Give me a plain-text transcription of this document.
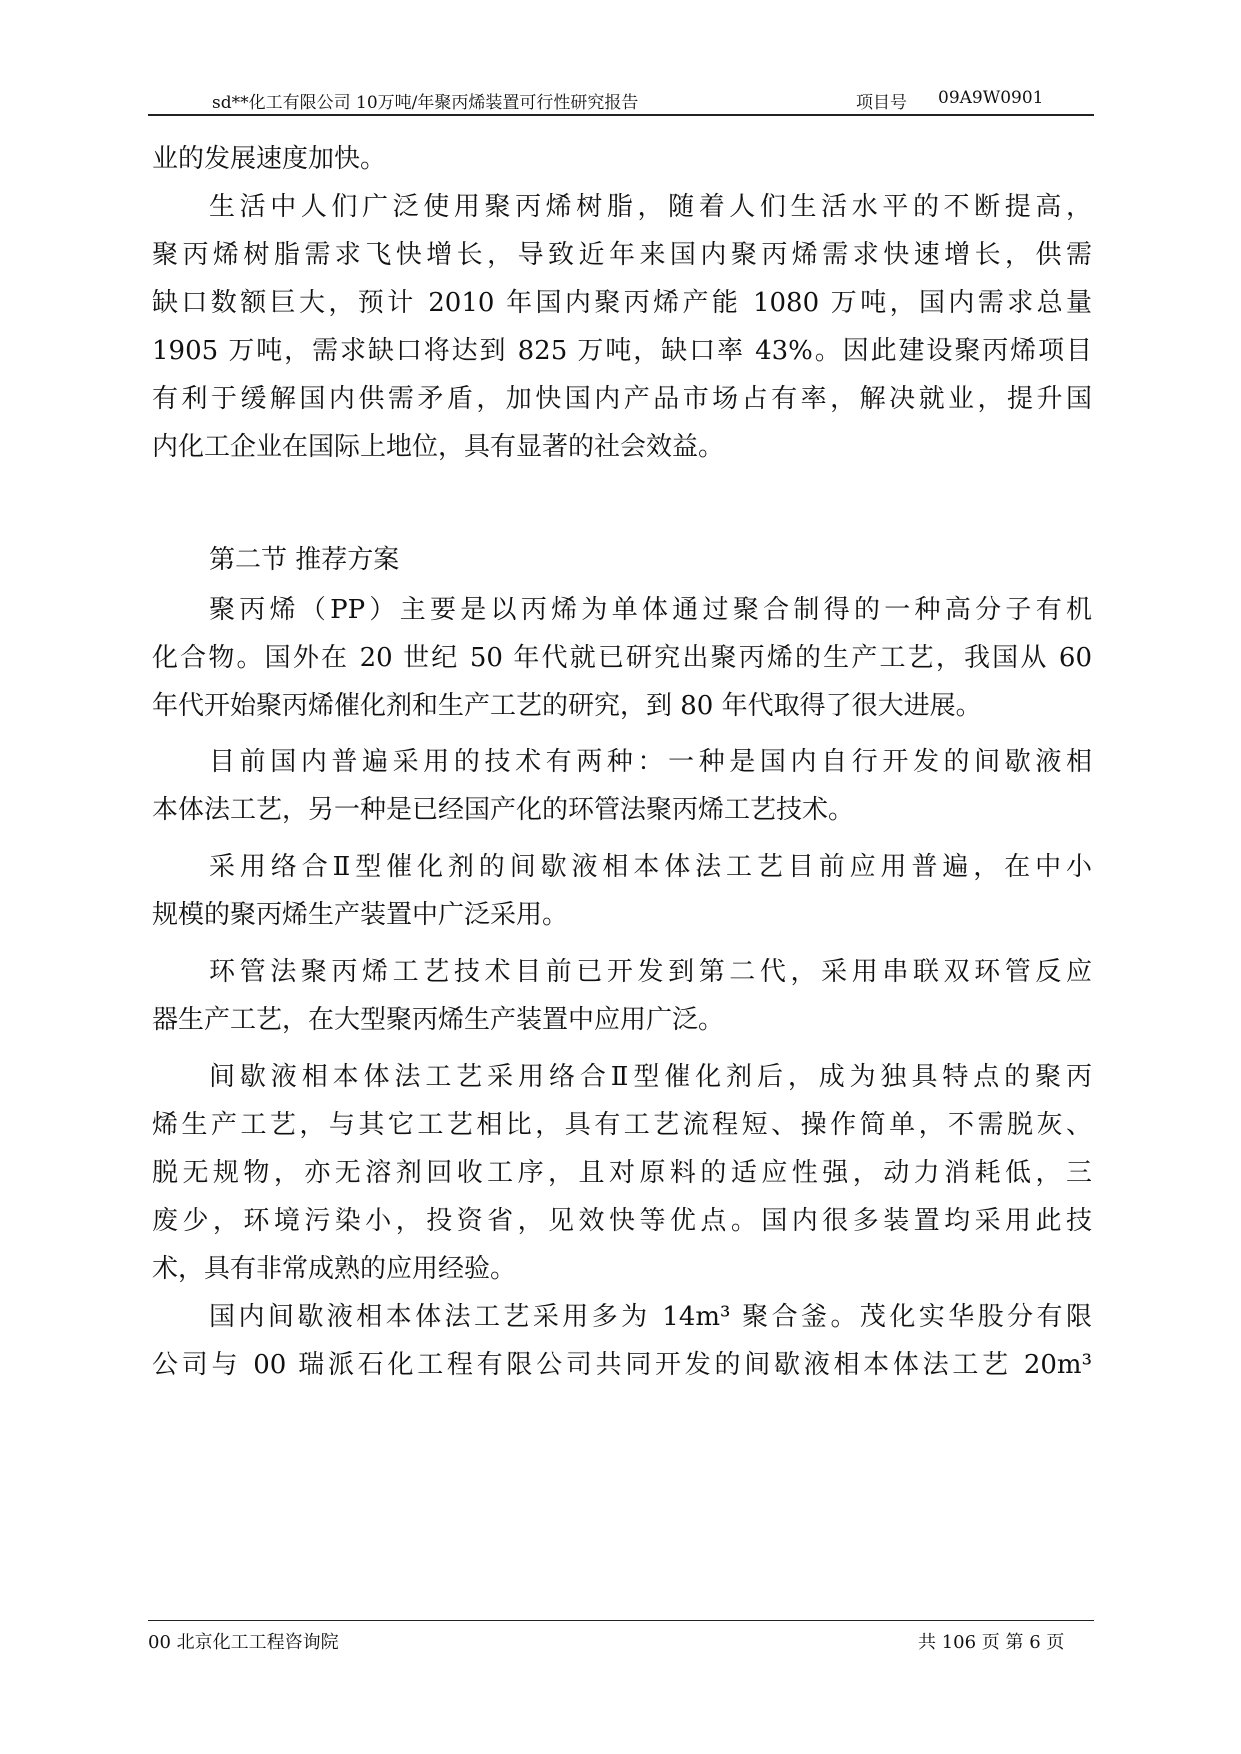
sd**化工有限公司 10万吨/年聚丙烯装置可行性研究报告	项目号 09A9W0901
业的发展速度加快。
生活中人们广泛使用聚丙烯树脂，随着人们生活水平的不断提高，
聚丙烯树脂需求飞快增长，导致近年来国内聚丙烯需求快速增长，供需
缺口数额巨大，预计 2010 年国内聚丙烯产能 1080 万吨，国内需求总量
1905 万吨，需求缺口将达到 825 万吨，缺口率 43%。因此建设聚丙烯项目
有利于缓解国内供需矛盾，加快国内产品市场占有率，解决就业，提升国
内化工企业在国际上地位，具有显著的社会效益。
第二节 推荐方案
聚丙烯（PP）主要是以丙烯为单体通过聚合制得的一种高分子有机
化合物。国外在 20 世纪 50 年代就已研究出聚丙烯的生产工艺，我国从 60
年代开始聚丙烯催化剂和生产工艺的研究，到 80 年代取得了很大进展。
目前国内普遍采用的技术有两种：一种是国内自行开发的间歇液相
本体法工艺，另一种是已经国产化的环管法聚丙烯工艺技术。
采用络合Ⅱ型催化剂的间歇液相本体法工艺目前应用普遍，在中小
规模的聚丙烯生产装置中广泛采用。
环管法聚丙烯工艺技术目前已开发到第二代，采用串联双环管反应
器生产工艺，在大型聚丙烯生产装置中应用广泛。
间歇液相本体法工艺采用络合Ⅱ型催化剂后，成为独具特点的聚丙
烯生产工艺，与其它工艺相比，具有工艺流程短、操作简单，不需脱灰、
脱无规物，亦无溶剂回收工序，且对原料的适应性强，动力消耗低，三
废少，环境污染小，投资省，见效快等优点。国内很多装置均采用此技
术，具有非常成熟的应用经验。
国内间歇液相本体法工艺采用多为 14m³ 聚合釜。茂化实华股分有限
公司与 00 瑞派石化工程有限公司共同开发的间歇液相本体法工艺 20m³
00 北京化工工程咨询院	共 106 页 第 6 页
